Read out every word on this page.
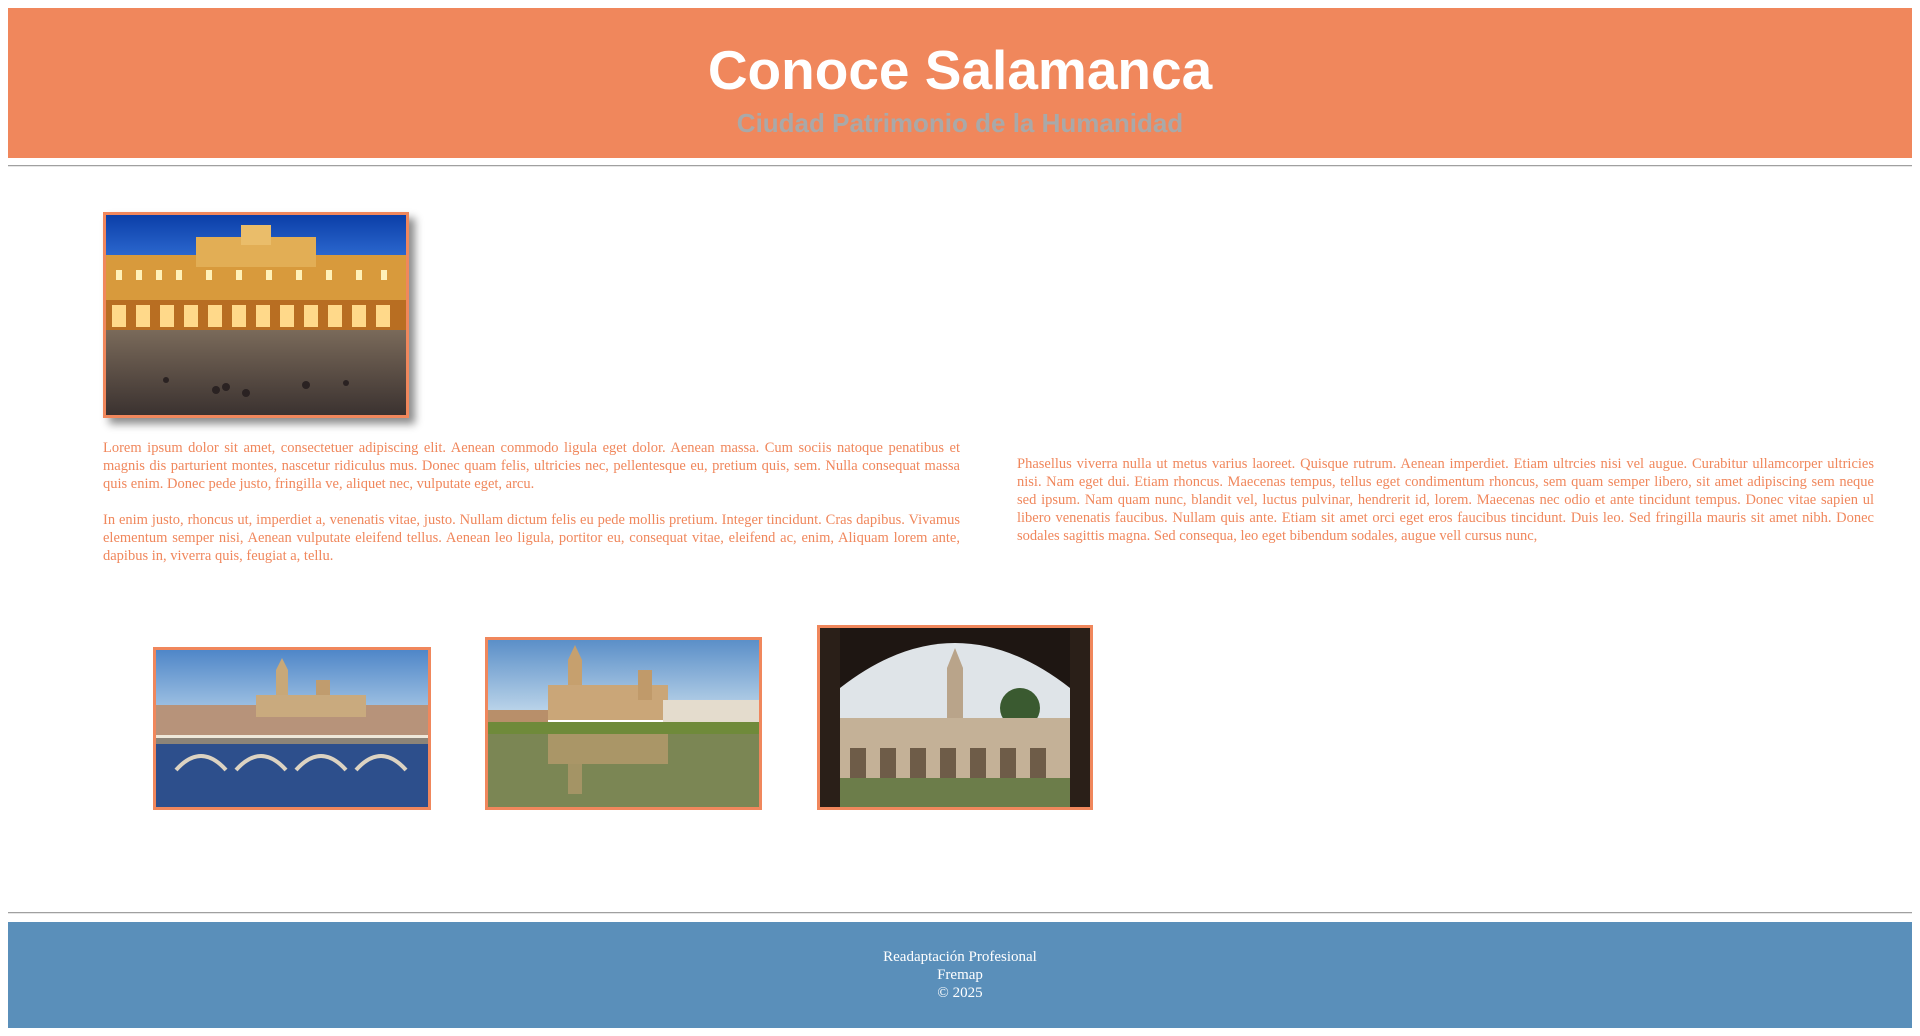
Conoce Salamanca
Ciudad Patrimonio de la Humanidad

Lorem ipsum dolor sit amet, consectetuer adipiscing elit. Aenean commodo ligula eget dolor. Aenean massa. Cum sociis natoque penatibus et magnis dis parturient montes, nascetur ridiculus mus. Donec quam felis, ultricies nec, pellentesque eu, pretium quis, sem. Nulla consequat massa quis enim. Donec pede justo, fringilla ve, aliquet nec, vulputate eget, arcu.

In enim justo, rhoncus ut, imperdiet a, venenatis vitae, justo. Nullam dictum felis eu pede mollis pretium. Integer tincidunt. Cras dapibus. Vivamus elementum semper nisi, Aenean vulputate eleifend tellus. Aenean leo ligula, portitor eu, consequat vitae, eleifend ac, enim, Aliquam lorem ante, dapibus in, viverra quis, feugiat a, tellu.

Phasellus viverra nulla ut metus varius laoreet. Quisque rutrum. Aenean imperdiet. Etiam ultrcies nisi vel augue. Curabitur ullamcorper ultricies nisi. Nam eget dui. Etiam rhoncus. Maecenas tempus, tellus eget condimentum rhoncus, sem quam semper libero, sit amet adipiscing sem neque sed ipsum. Nam quam nunc, blandit vel, luctus pulvinar, hendrerit id, lorem. Maecenas nec odio et ante tincidunt tempus. Donec vitae sapien ul libero venenatis faucibus. Nullam quis ante. Etiam sit amet orci eget eros faucibus tincidunt. Duis leo. Sed fringilla mauris sit amet nibh. Donec sodales sagittis magna. Sed consequa, leo eget bibendum sodales, augue vell cursus nunc,

Readaptación Profesional
Fremap
© 2025
